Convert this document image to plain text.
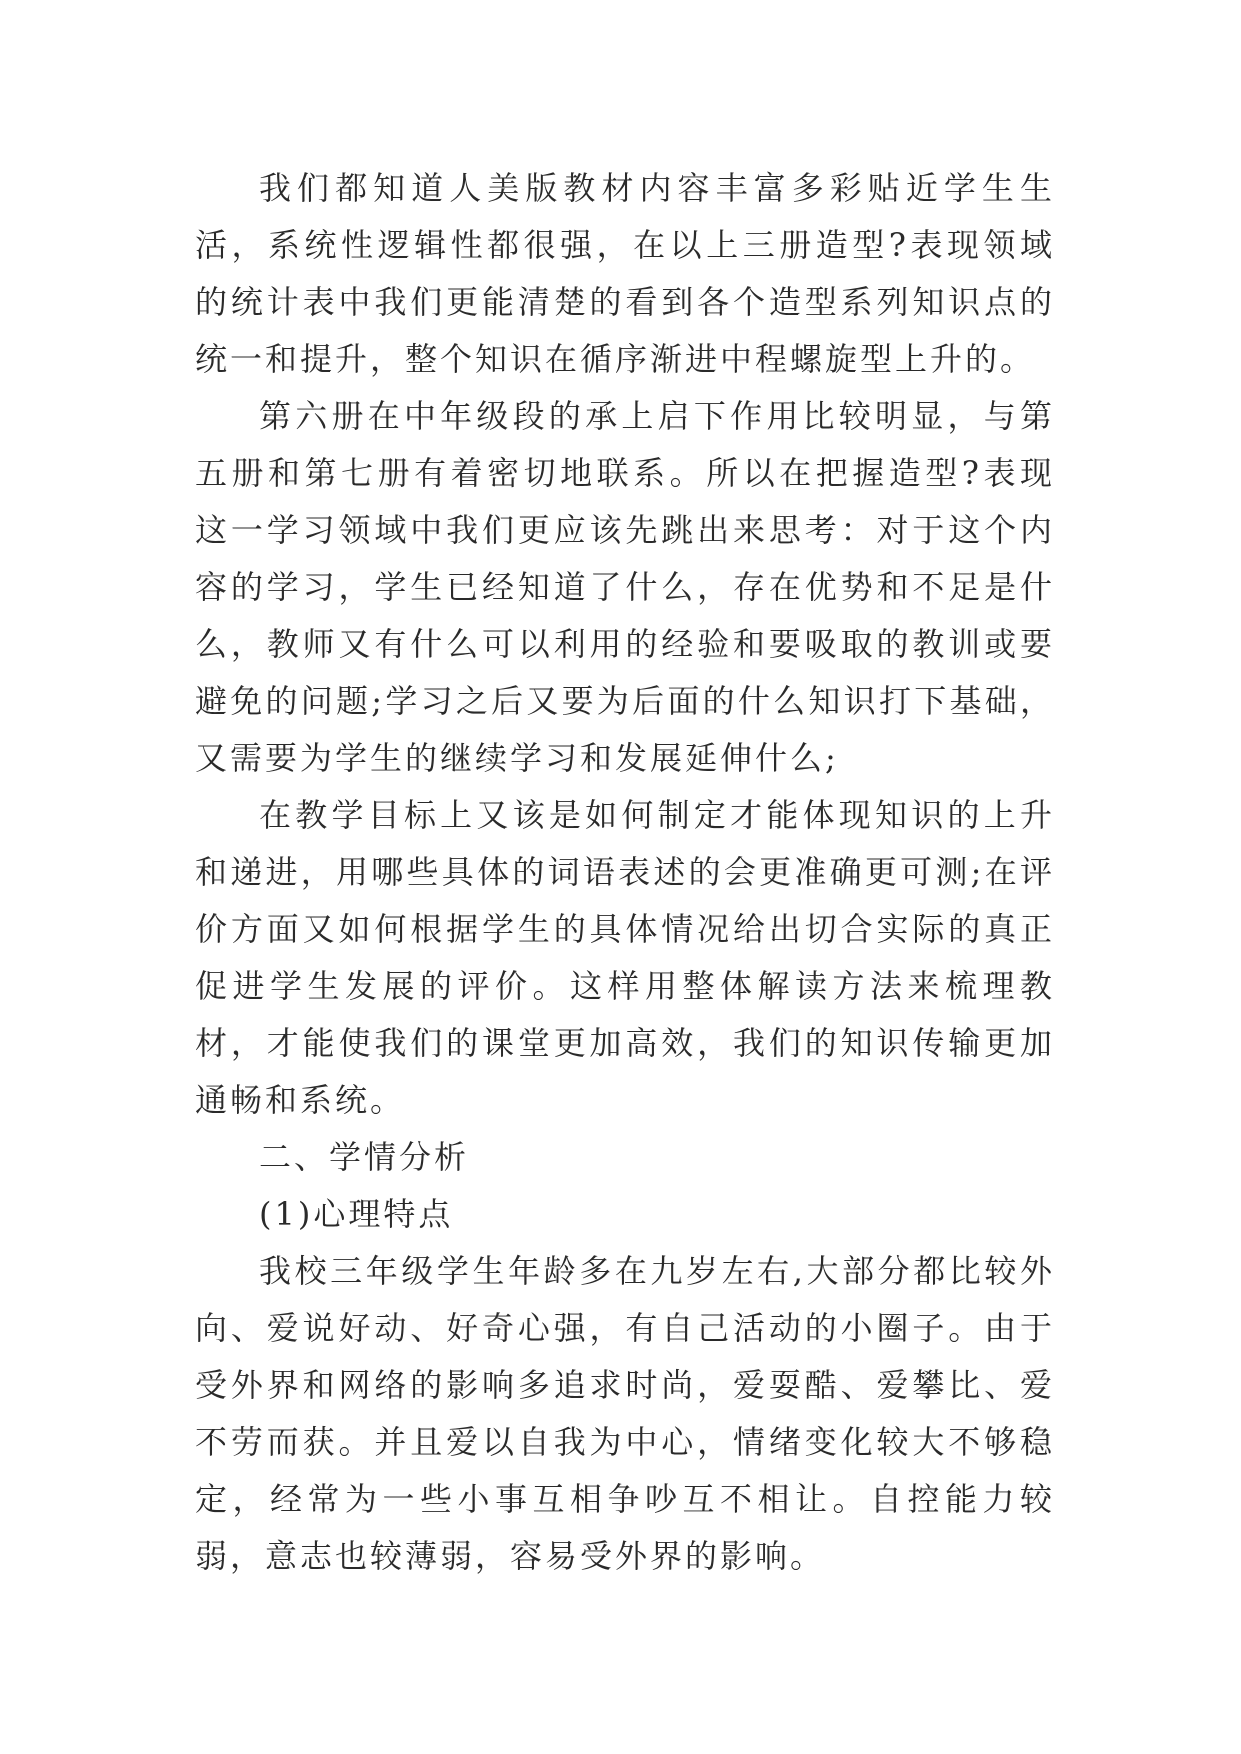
我们都知道人美版教材内容丰富多彩贴近学生生活，系统性逻辑性都很强，在以上三册造型?表现领域的统计表中我们更能清楚的看到各个造型系列知识点的统一和提升，整个知识在循序渐进中程螺旋型上升的。

第六册在中年级段的承上启下作用比较明显，与第五册和第七册有着密切地联系。所以在把握造型?表现这一学习领域中我们更应该先跳出来思考：对于这个内容的学习，学生已经知道了什么，存在优势和不足是什么，教师又有什么可以利用的经验和要吸取的教训或要避免的问题;学习之后又要为后面的什么知识打下基础，又需要为学生的继续学习和发展延伸什么;

在教学目标上又该是如何制定才能体现知识的上升和递进，用哪些具体的词语表述的会更准确更可测;在评价方面又如何根据学生的具体情况给出切合实际的真正促进学生发展的评价。这样用整体解读方法来梳理教材，才能使我们的课堂更加高效，我们的知识传输更加通畅和系统。

二、学情分析

(1)心理特点

我校三年级学生年龄多在九岁左右,大部分都比较外向、爱说好动、好奇心强，有自己活动的小圈子。由于受外界和网络的影响多追求时尚，爱耍酷、爱攀比、爱不劳而获。并且爱以自我为中心，情绪变化较大不够稳定，经常为一些小事互相争吵互不相让。自控能力较弱，意志也较薄弱，容易受外界的影响。
